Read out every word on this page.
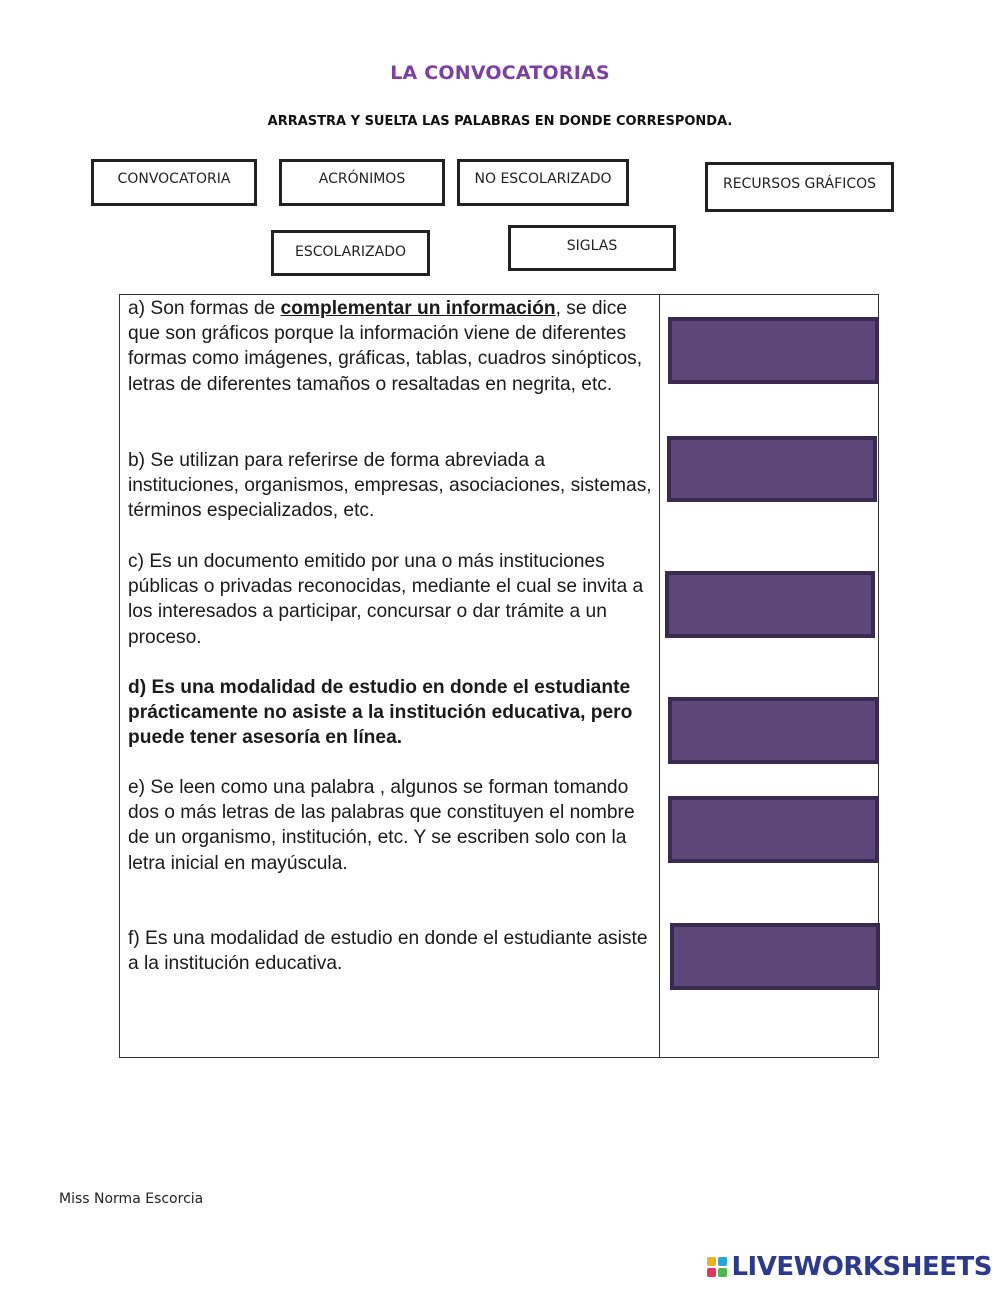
LA CONVOCATORIAS
ARRASTRA Y SUELTA LAS PALABRAS EN DONDE CORRESPONDA.
CONVOCATORIA	ACRÓNIMOS	NO ESCOLARIZADO	RECURSOS GRÁFICOS
ESCOLARIZADO	SIGLAS

a) Son formas de complementar un información, se dice que son gráficos porque la información viene de diferentes formas como imágenes, gráficas, tablas, cuadros sinópticos, letras de diferentes tamaños o resaltadas en negrita, etc.

b) Se utilizan para referirse de forma abreviada a instituciones, organismos, empresas, asociaciones, sistemas, términos especializados, etc.

c) Es un documento emitido por una o más instituciones públicas o privadas reconocidas, mediante el cual se invita a los interesados a participar, concursar o dar trámite a un proceso.

d) Es una modalidad de estudio en donde el estudiante prácticamente no asiste a la institución educativa, pero puede tener asesoría en línea.

e) Se leen como una palabra , algunos se forman tomando dos o más letras de las palabras que constituyen el nombre de un organismo, institución, etc. Y se escriben solo con la letra inicial en mayúscula.

f) Es una modalidad de estudio en donde el estudiante asiste a la institución educativa.

Miss Norma Escorcia
LIVEWORKSHEETS
